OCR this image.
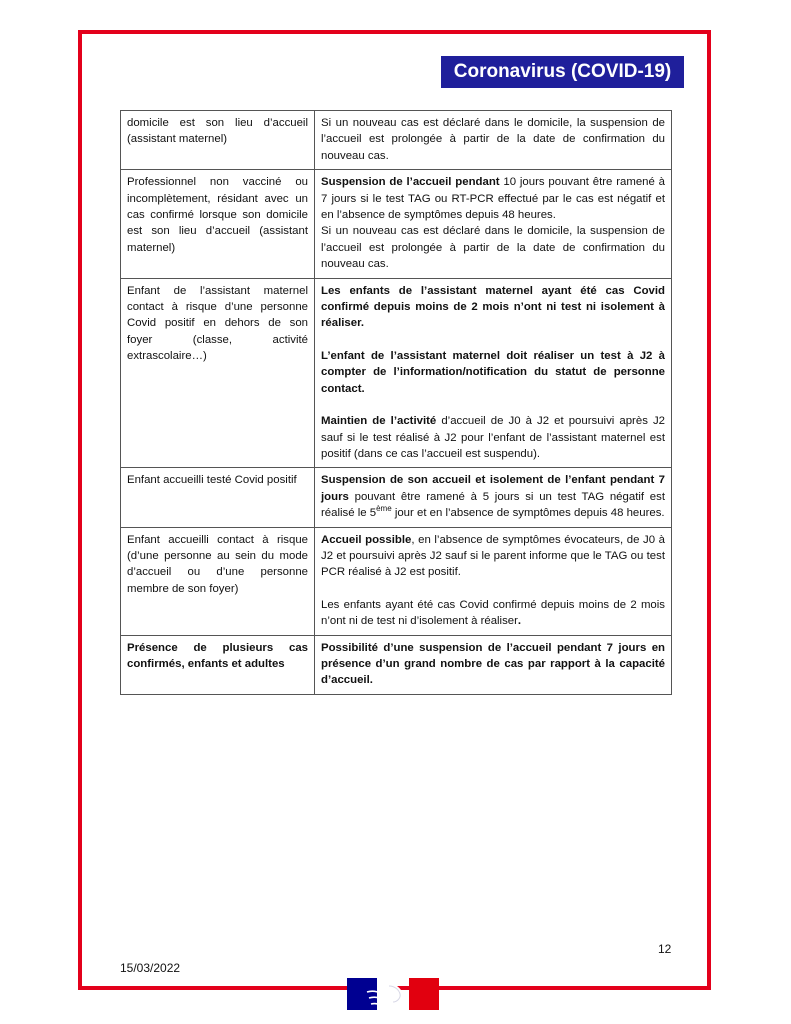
Coronavirus (COVID-19)
domicile est son lieu d’accueil (assistant maternel)	Si un nouveau cas est déclaré dans le domicile, la suspension de l’accueil est prolongée à partir de la date de confirmation du nouveau cas.

Professionnel non vacciné ou incomplètement, résidant avec un cas confirmé lorsque son domicile est son lieu d’accueil (assistant maternel)	Suspension de l’accueil pendant 10 jours pouvant être ramené à 7 jours si le test TAG ou RT-PCR effectué par le cas est négatif et en l’absence de symptômes depuis 48 heures.

Si un nouveau cas est déclaré dans le domicile, la suspension de l’accueil est prolongée à partir de la date de confirmation du nouveau cas.

Enfant de l’assistant maternel contact à risque d’une personne Covid positif en dehors de son foyer (classe, activité extrascolaire…)	Les enfants de l’assistant maternel ayant été cas Covid confirmé depuis moins de 2 mois n’ont ni test ni isolement à réaliser.

L’enfant de l’assistant maternel doit réaliser un test à J2 à compter de l’information/notification du statut de personne contact.

Maintien de l’activité d’accueil de J0 à J2 et poursuivi après J2 sauf si le test réalisé à J2 pour l’enfant de l’assistant maternel est positif (dans ce cas l’accueil est suspendu).

Enfant accueilli testé Covid positif	Suspension de son accueil et isolement de l’enfant pendant 7 jours pouvant être ramené à 5 jours si un test TAG négatif est réalisé le 5ème jour et en l’absence de symptômes depuis 48 heures.

Enfant accueilli contact à risque (d’une personne au sein du mode d’accueil ou d’une personne membre de son foyer)	Accueil possible, en l’absence de symptômes évocateurs, de J0 à J2 et poursuivi après J2 sauf si le parent informe que le TAG ou test PCR réalisé à J2 est positif.

Les enfants ayant été cas Covid confirmé depuis moins de 2 mois n’ont ni de test ni d’isolement à réaliser.

Présence de plusieurs cas confirmés, enfants et adultes	Possibilité d’une suspension de l’accueil pendant 7 jours en présence d’un grand nombre de cas par rapport à la capacité d’accueil.

12
15/03/2022
